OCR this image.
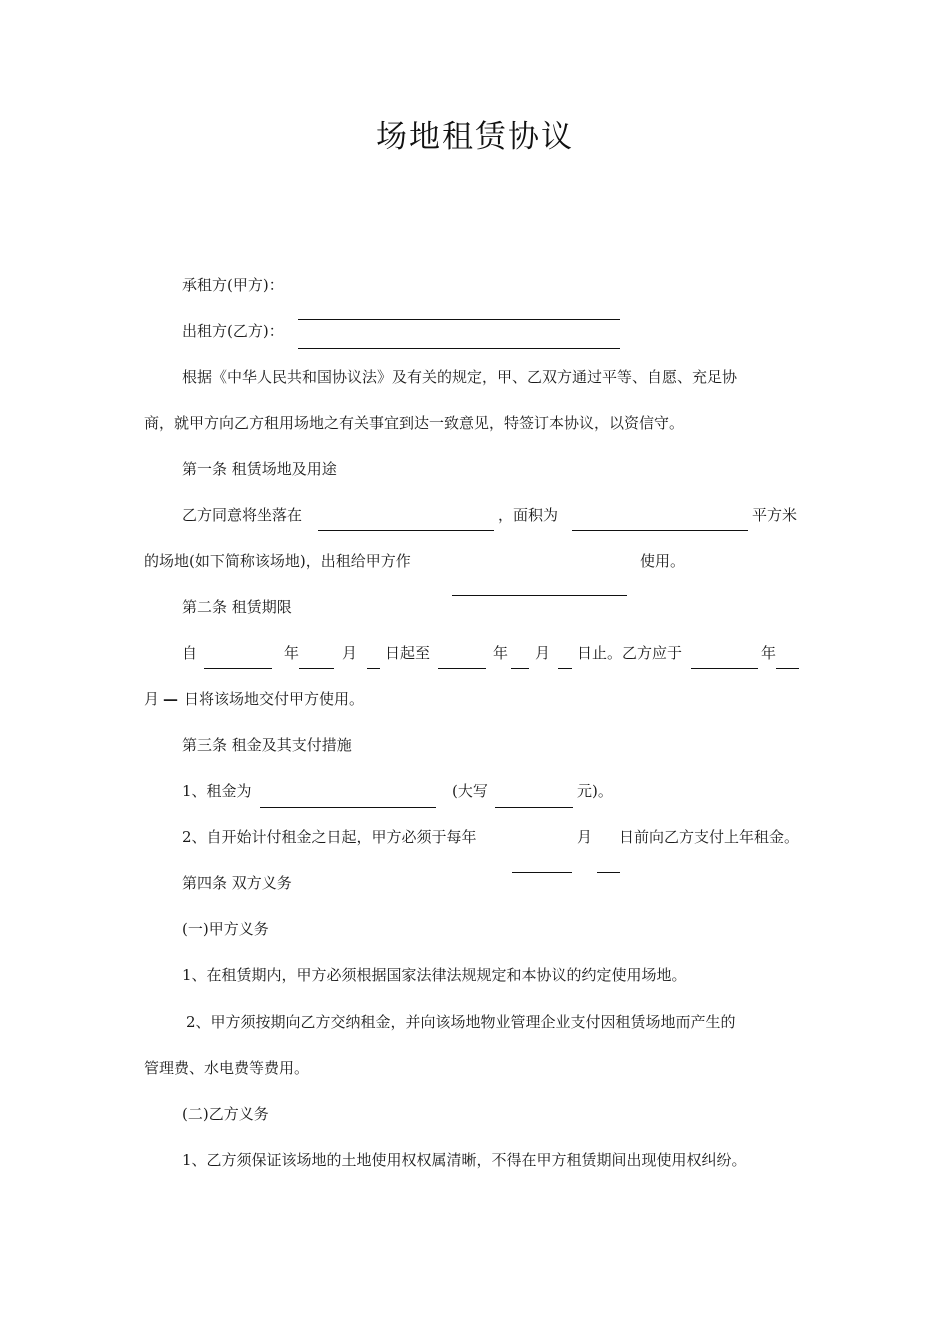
场地租赁协议
承租方(甲方)：
出租方(乙方)：
根据《中华人民共和国协议法》及有关的规定，甲、乙双方通过平等、自愿、充足协
商，就甲方向乙方租用场地之有关事宜到达一致意见，特签订本协议，以资信守。
第一条 租赁场地及用途
乙方同意将坐落在	，面积为	平方米
的场地(如下简称该场地)，出租给甲方作	使用。
第二条 租赁期限
自	年	月 日起至	年 月 日止。乙方应于	年
月 — 日将该场地交付甲方使用。
第三条 租金及其支付措施
1、租金为	(大写	元)。
2、自开始计付租金之日起，甲方必须于每年	月 日前向乙方支付上年租金。
第四条 双方义务
(一)甲方义务
1、在租赁期内，甲方必须根据国家法律法规规定和本协议的约定使用场地。
2、甲方须按期向乙方交纳租金，并向该场地物业管理企业支付因租赁场地而产生的
管理费、水电费等费用。
(二)乙方义务
1、乙方须保证该场地的土地使用权权属清晰，不得在甲方租赁期间出现使用权纠纷。
